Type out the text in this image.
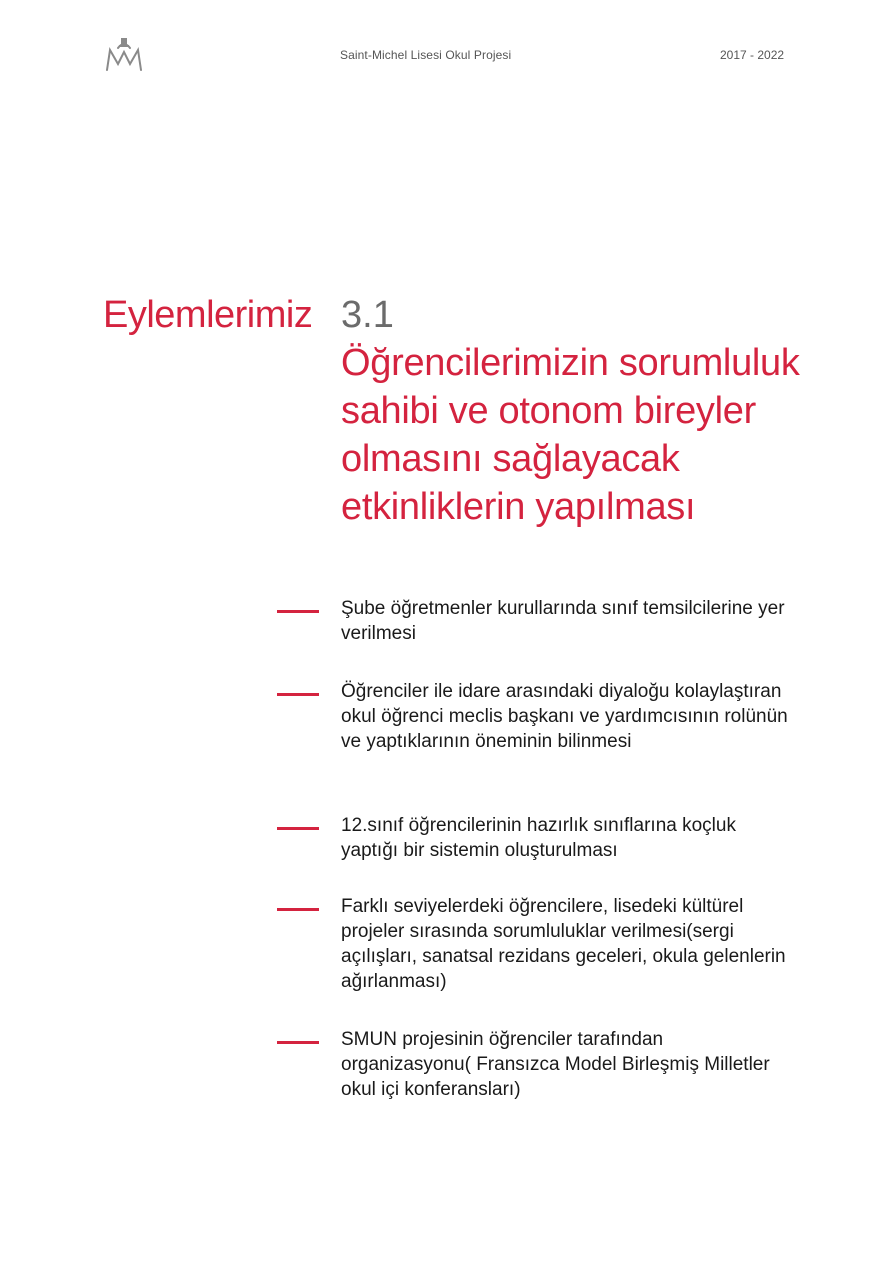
Saint-Michel Lisesi Okul Projesi	2017 - 2022
Eylemlerimiz 3.1
Öğrencilerimizin sorumluluk sahibi ve otonom bireyler olmasını sağlayacak etkinliklerin yapılması
Şube öğretmenler kurullarında sınıf temsilcilerine yer verilmesi
Öğrenciler ile idare arasındaki diyaloğu kolaylaştıran okul öğrenci meclis başkanı ve yardımcısının rolünün ve yaptıklarının öneminin bilinmesi
12.sınıf öğrencilerinin hazırlık sınıflarına koçluk yaptığı bir sistemin oluşturulması
Farklı seviyelerdeki öğrencilere, lisedeki kültürel projeler sırasında sorumluluklar verilmesi(sergi açılışları, sanatsal rezidans geceleri, okula gelenlerin ağırlanması)
SMUN projesinin öğrenciler tarafından organizasyonu( Fransızca Model Birleşmiş Milletler okul içi konferansları)
